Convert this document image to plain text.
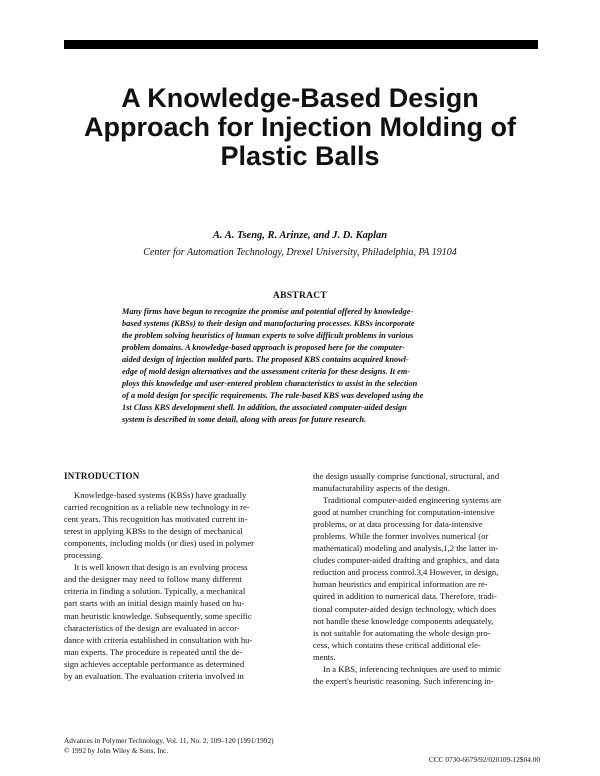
A Knowledge-Based Design
Approach for Injection Molding of
Plastic Balls
A. A. Tseng, R. Arinze, and J. D. Kaplan
Center for Automation Technology, Drexel University, Philadelphia, PA 19104
ABSTRACT
Many firms have begun to recognize the promise and potential offered by knowledge-
based systems (KBSs) to their design and manufacturing processes. KBSs incorporate
the problem solving heuristics of human experts to solve difficult problems in various
problem domains. A knowledge-based approach is proposed here for the computer-
aided design of injection molded parts. The proposed KBS contains acquired knowl-
edge of mold design alternatives and the assessment criteria for these designs. It em-
ploys this knowledge and user-entered problem characteristics to assist in the selection
of a mold design for specific requirements. The rule-based KBS was developed using the
1st Class KBS development shell. In addition, the associated computer-aided design
system is described in some detail, along with areas for future research.
INTRODUCTION
Knowledge-based systems (KBSs) have gradually
carried recognition as a reliable new technology in re-
cent years. This recognition has motivated current in-
terest in applying KBSs to the design of mechanical
components, including molds (or dies) used in polymer
processing.
It is well known that design is an evolving process
and the designer may need to follow many different
criteria in finding a solution. Typically, a mechanical
part starts with an initial design mainly based on hu-
man heuristic knowledge. Subsequently, some specific
characteristics of the design are evaluated in accor-
dance with criteria established in consultation with hu-
man experts. The procedure is repeated until the de-
sign achieves acceptable performance as determined
by an evaluation. The evaluation criteria involved in
the design usually comprise functional, structural, and
manufacturability aspects of the design.
Traditional computer-aided engineering systems are
good at number crunching for computation-intensive
problems, or at data processing for data-intensive
problems. While the former involves numerical (or
mathematical) modeling and analysis,1,2 the latter in-
cludes computer-aided drafting and graphics, and data
reduction and process control.3,4 However, in design,
human heuristics and empirical information are re-
quired in addition to numerical data. Therefore, tradi-
tional computer-aided design technology, which does
not handle these knowledge components adequately,
is not suitable for automating the whole design pro-
cess, which contains these critical additional ele-
ments.
In a KBS, inferencing techniques are used to mimic
the expert's heuristic reasoning. Such inferencing in-
Advances in Polymer Technology, Vol. 11, No. 2, 109–120 (1991/1992)
© 1992 by John Wiley & Sons, Inc.
CCC 0730-6679/92/020109-12$04.00
